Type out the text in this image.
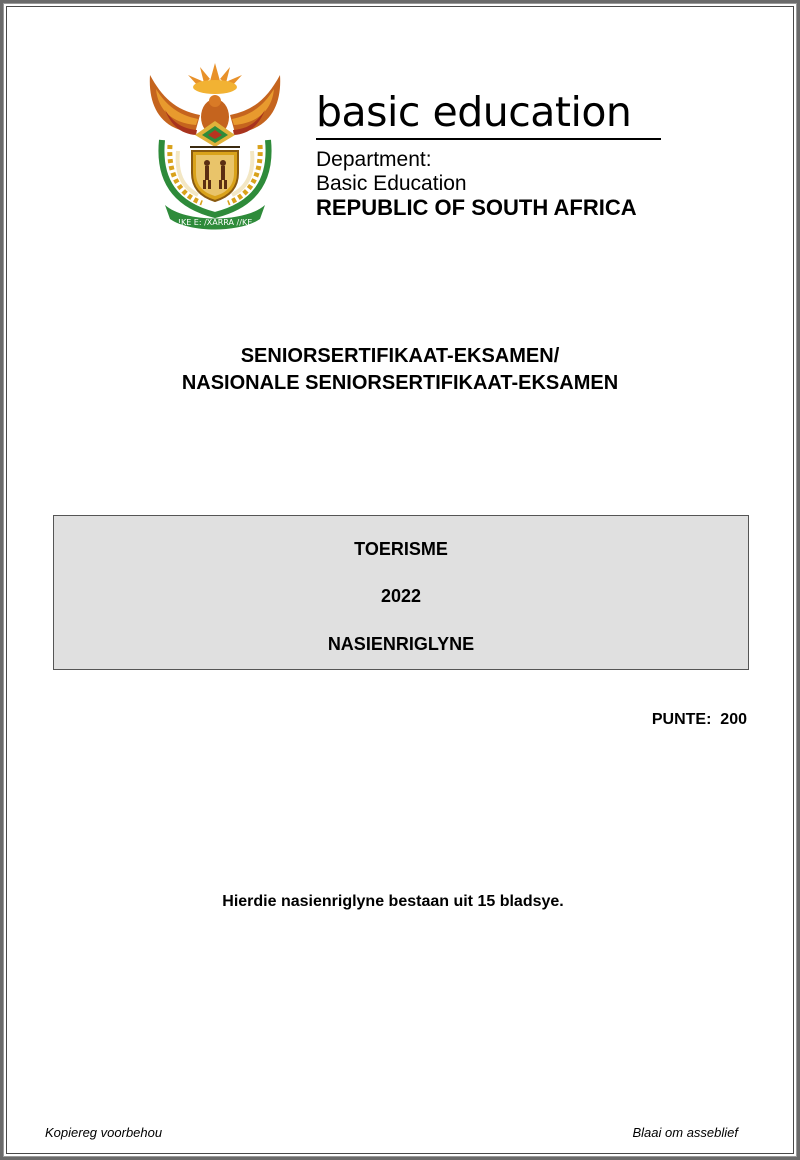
!KE E: /XARRA //KE
basic education
Department:
Basic Education
REPUBLIC OF SOUTH AFRICA
SENIORSERTIFIKAAT-EKSAMEN/
NASIONALE SENIORSERTIFIKAAT-EKSAMEN
TOERISME
2022
NASIENRIGLYNE
PUNTE:  200
Hierdie nasienriglyne bestaan uit 15 bladsye.
Kopiereg voorbehou	Blaai om asseblief
